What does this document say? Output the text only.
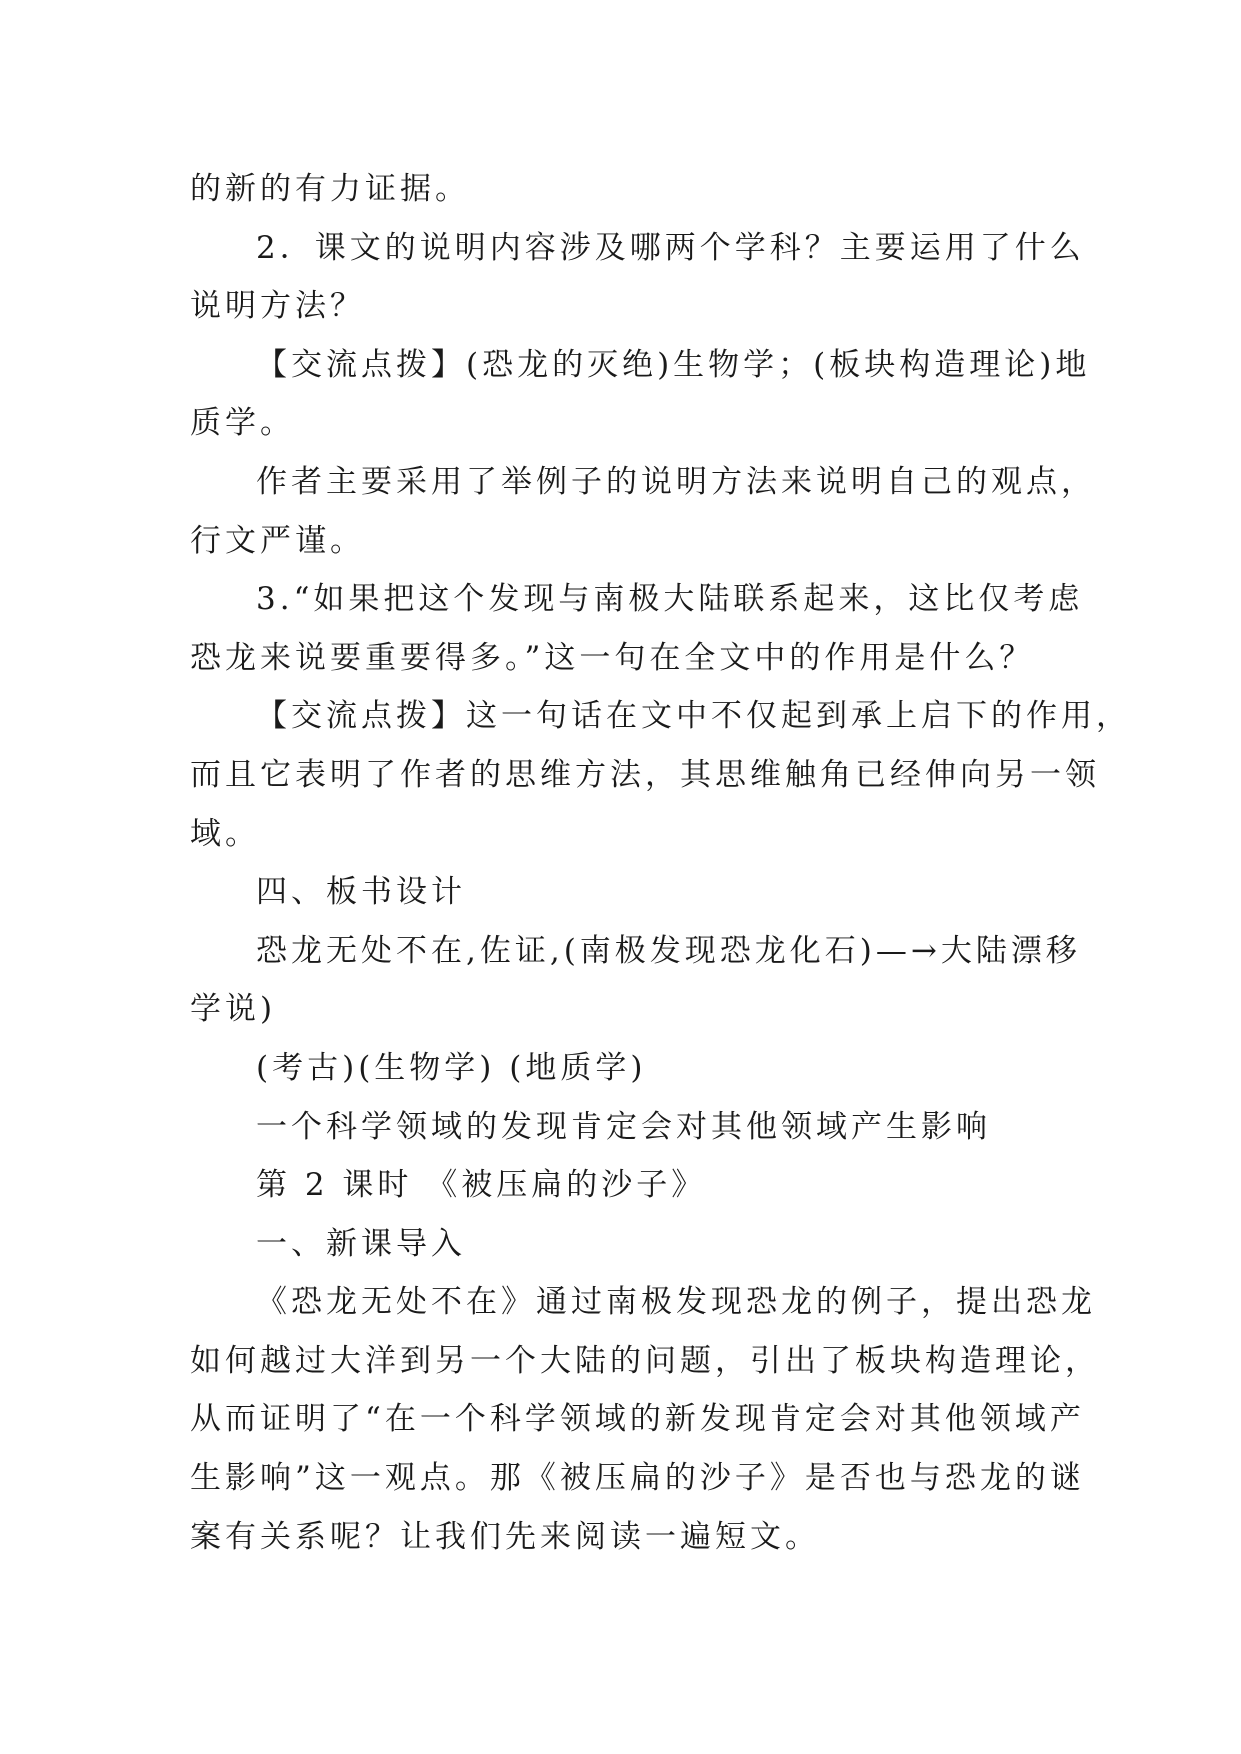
的新的有力证据。
2．课文的说明内容涉及哪两个学科？主要运用了什么
说明方法？
【交流点拨】(恐龙的灭绝)生物学；(板块构造理论)地
质学。
作者主要采用了举例子的说明方法来说明自己的观点，
行文严谨。
3.“如果把这个发现与南极大陆联系起来，这比仅考虑
恐龙来说要重要得多。”这一句在全文中的作用是什么？
【交流点拨】这一句话在文中不仅起到承上启下的作用，
而且它表明了作者的思维方法，其思维触角已经伸向另一领
域。
四、板书设计
恐龙无处不在,佐证,(南极发现恐龙化石)—→大陆漂移
学说)
(考古)(生物学) (地质学)
一个科学领域的发现肯定会对其他领域产生影响
第 2 课时 《被压扁的沙子》
一、新课导入
《恐龙无处不在》通过南极发现恐龙的例子，提出恐龙
如何越过大洋到另一个大陆的问题，引出了板块构造理论，
从而证明了“在一个科学领域的新发现肯定会对其他领域产
生影响”这一观点。那《被压扁的沙子》是否也与恐龙的谜
案有关系呢？让我们先来阅读一遍短文。
